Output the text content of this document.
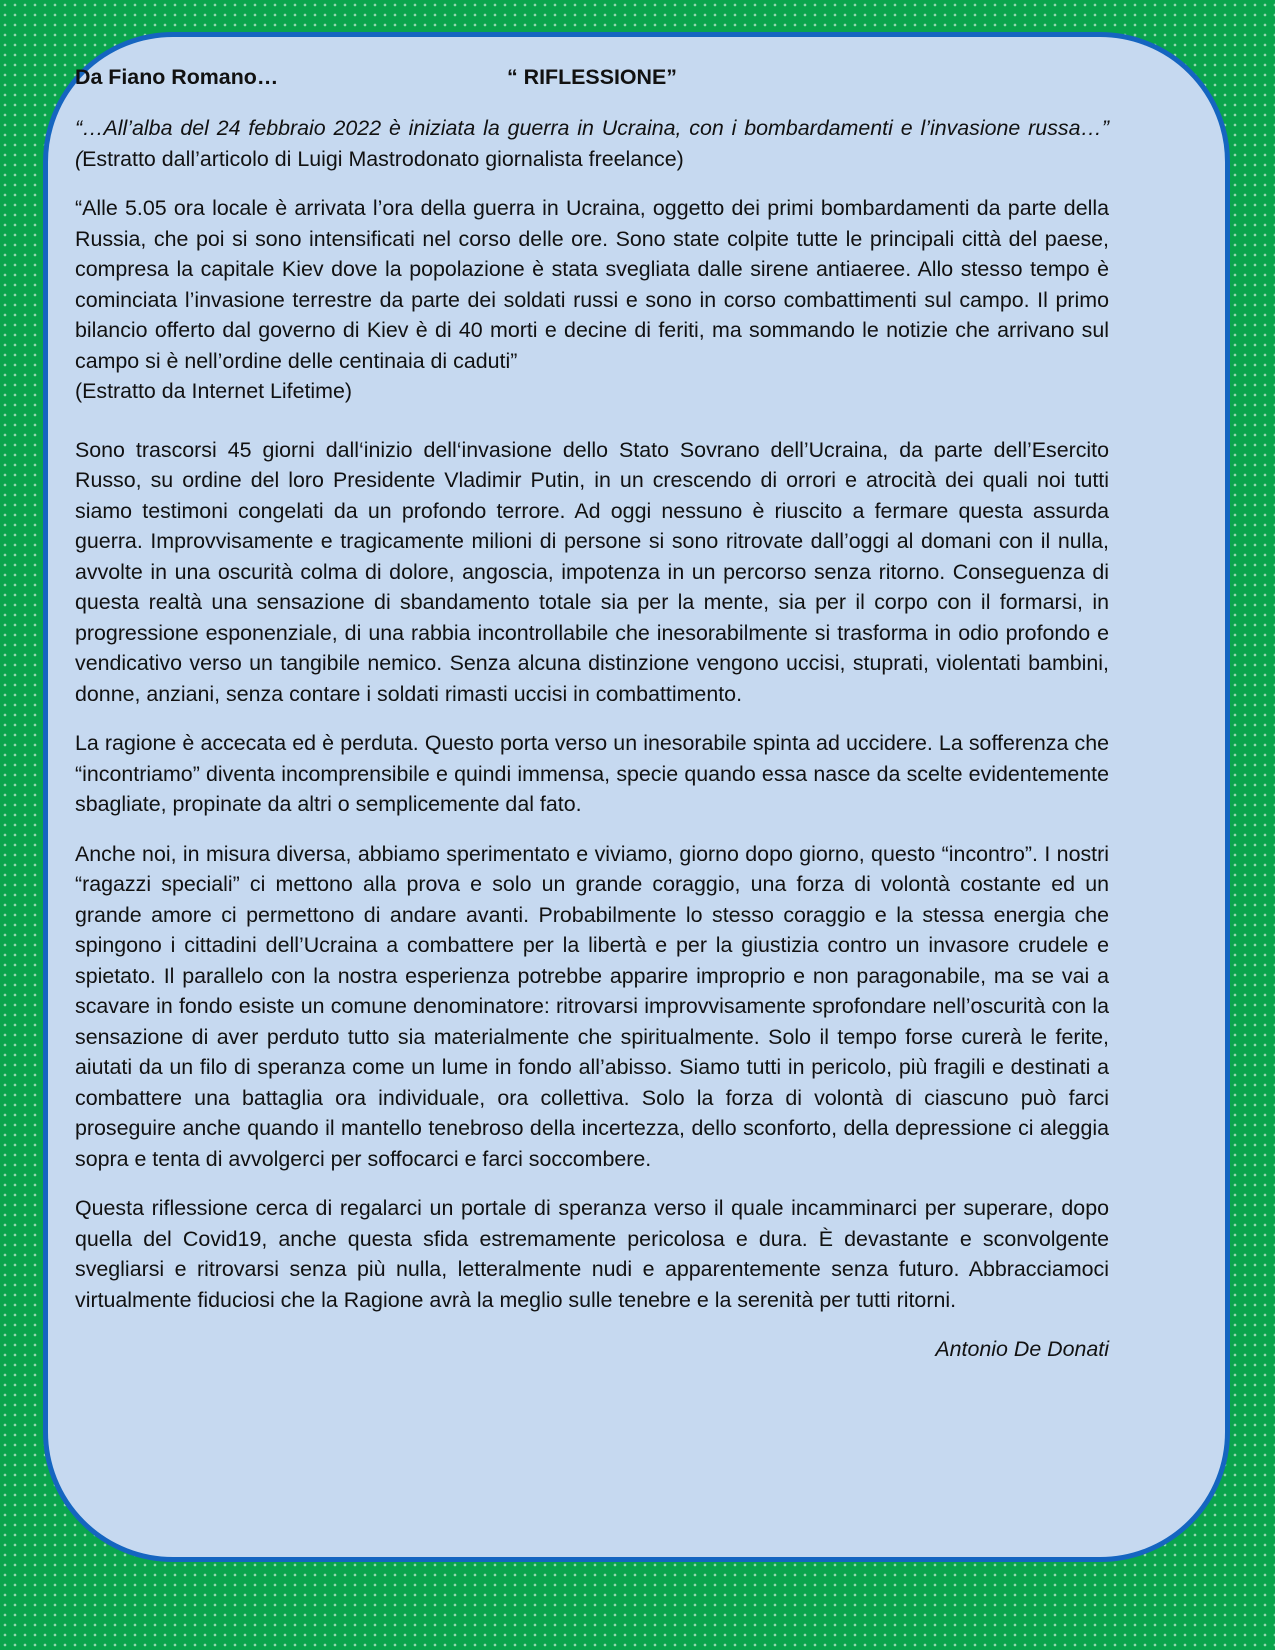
Da Fiano Romano…	“ RIFLESSIONE”

“…All’alba del 24 febbraio 2022 è iniziata la guerra in Ucraina, con i bombardamenti e l’invasione russa…” (Estratto dall’articolo di Luigi Mastrodonato giornalista freelance)

“Alle 5.05 ora locale è arrivata l’ora della guerra in Ucraina, oggetto dei primi bombardamenti da parte della Russia, che poi si sono intensificati nel corso delle ore. Sono state colpite tutte le principali città del paese, compresa la capitale Kiev dove la popolazione è stata svegliata dalle sirene antiaeree. Allo stesso tempo è cominciata l’invasione terrestre da parte dei soldati russi e sono in corso combattimenti sul campo. Il primo bilancio offerto dal governo di Kiev è di 40 morti e decine di feriti, ma sommando le notizie che arrivano sul campo si è nell’ordine delle centinaia di caduti”

(Estratto da Internet Lifetime)

Sono trascorsi 45 giorni dall‘inizio dell‘invasione dello Stato Sovrano dell’Ucraina, da parte dell’Esercito Russo, su ordine del loro Presidente Vladimir Putin, in un crescendo di orrori e atrocità dei quali noi tutti siamo testimoni congelati da un profondo terrore. Ad oggi nessuno è riuscito a fermare questa assurda guerra. Improvvisamente e tragicamente milioni di persone si sono ritrovate dall’oggi al domani con il nulla, avvolte in una oscurità colma di dolore, angoscia, impotenza in un percorso senza ritorno. Conseguenza di questa realtà una sensazione di sbandamento totale sia per la mente, sia per il corpo con il formarsi, in progressione esponenziale, di una rabbia incontrollabile che inesorabilmente si trasforma in odio profondo e vendicativo verso un tangibile nemico. Senza alcuna distinzione vengono uccisi, stuprati, violentati bambini, donne, anziani, senza contare i soldati rimasti uccisi in combattimento.

La ragione è accecata ed è perduta. Questo porta verso un inesorabile spinta ad uccidere. La sofferenza che “incontriamo” diventa incomprensibile e quindi immensa, specie quando essa nasce da scelte evidentemente sbagliate, propinate da altri o semplicemente dal fato.

Anche noi, in misura diversa, abbiamo sperimentato e viviamo, giorno dopo giorno, questo “incontro”. I nostri “ragazzi speciali” ci mettono alla prova e solo un grande coraggio, una forza di volontà costante ed un grande amore ci permettono di andare avanti. Probabilmente lo stesso coraggio e la stessa energia che spingono i cittadini dell’Ucraina a combattere per la libertà e per la giustizia contro un invasore crudele e spietato. Il parallelo con la nostra esperienza potrebbe apparire improprio e non paragonabile, ma se vai a scavare in fondo esiste un comune denominatore: ritrovarsi improvvisamente sprofondare nell’oscurità con la sensazione di aver perduto tutto sia materialmente che spiritualmente. Solo il tempo forse curerà le ferite, aiutati da un filo di speranza come un lume in fondo all’abisso. Siamo tutti in pericolo, più fragili e destinati a combattere una battaglia ora individuale, ora collettiva. Solo la forza di volontà di ciascuno può farci proseguire anche quando il mantello tenebroso della incertezza, dello sconforto, della depressione ci aleggia sopra e tenta di avvolgerci per soffocarci e farci soccombere.

Questa riflessione cerca di regalarci un portale di speranza verso il quale incamminarci per superare, dopo quella del Covid19, anche questa sfida estremamente pericolosa e dura. È devastante e sconvolgente svegliarsi e ritrovarsi senza più nulla, letteralmente nudi e apparentemente senza futuro. Abbracciamoci virtualmente fiduciosi che la Ragione avrà la meglio sulle tenebre e la serenità per tutti ritorni.

Antonio De Donati
